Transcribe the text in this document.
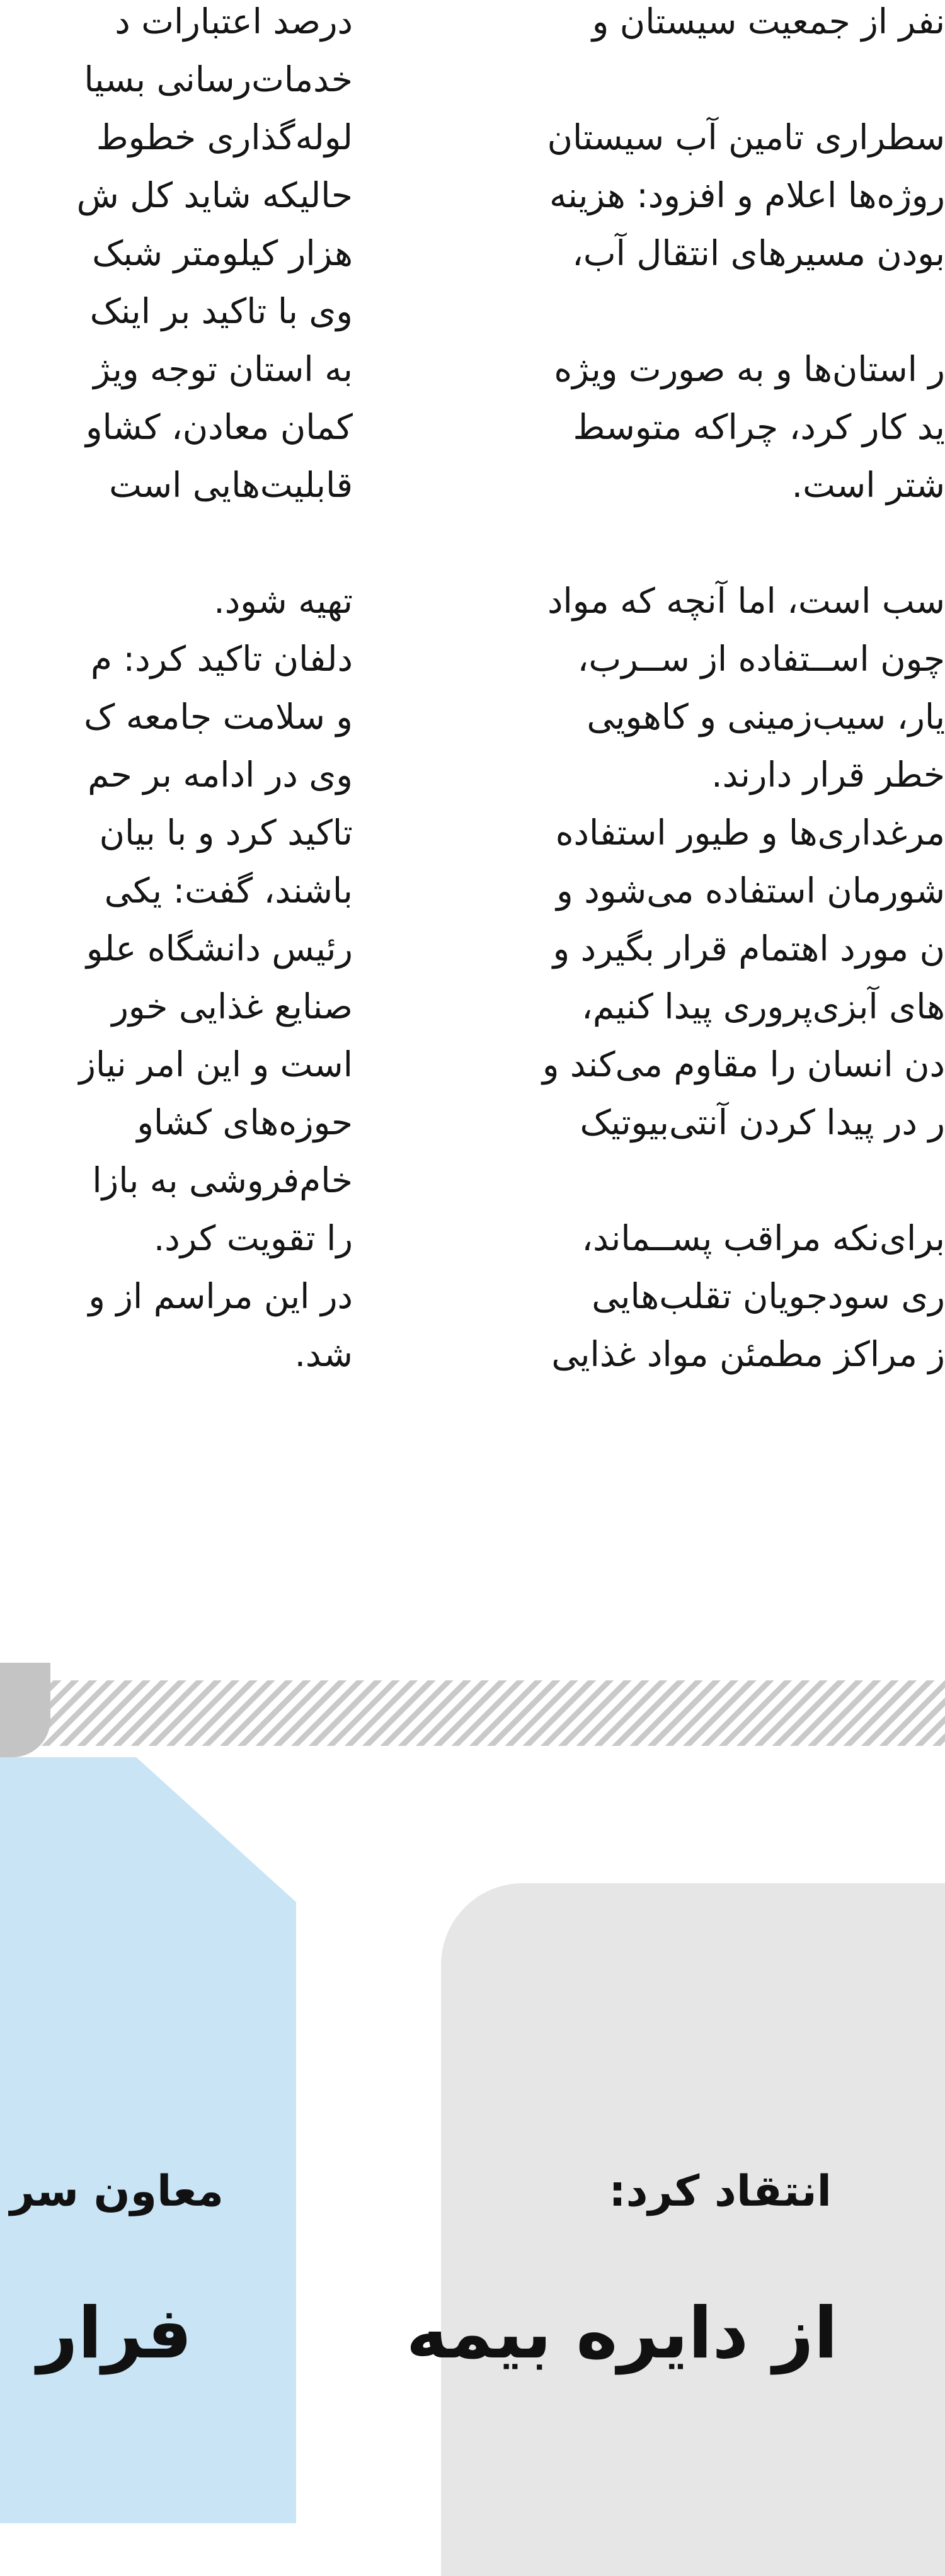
درصد اعتبارات د

خدمات‌رسانی بسیا

لوله‌گذاری خطوط

حالیکه شاید کل ش

هزار کیلومتر شبک

وی با تاکید بر اینک

به استان توجه ویژ

کمان معادن، کشاو

قابلیت‌هایی است

تهیه شود.

دلفان تاکید کرد: م

و سلامت جامعه ک

وی در ادامه بر حم

تاکید کرد و با بیان

باشند، گفت: یکی

رئیس دانشگاه علو

صنایع غذایی خور

است و این امر نیاز

حوزه‌های کشاو

خام‌فروشی به بازا

را تقویت کرد.

در این مراسم از و

شد.

نفر از جمعیت سیستان و

سطراری تامین آب سیستان

روژه‌ها اعلام و افزود: هزینه

بودن مسیرهای انتقال آب،

ر استان‌ها و به صورت ویژه

ید کار کرد، چراکه متوسط

شتر است.

سب است، اما آنچه که مواد

چون اســتفاده از ســرب،

یار، سیب‌زمینی و کاهویی

خطر قرار دارند.

مرغداری‌ها و طیور استفاده

شورمان استفاده می‌شود و

ن مورد اهتمام قرار بگیرد و

های آبزی‌پروری پیدا کنیم،

دن انسان را مقاوم می‌کند و

ر در پیدا کردن آنتی‌بیوتیک

برای‌نکه مراقب پســماند،

ری سودجویان تقلب‌هایی

ز مراکز مطمئن مواد غذایی

معاون سر
فرار
انتقاد کرد:
از دایره بیمه
